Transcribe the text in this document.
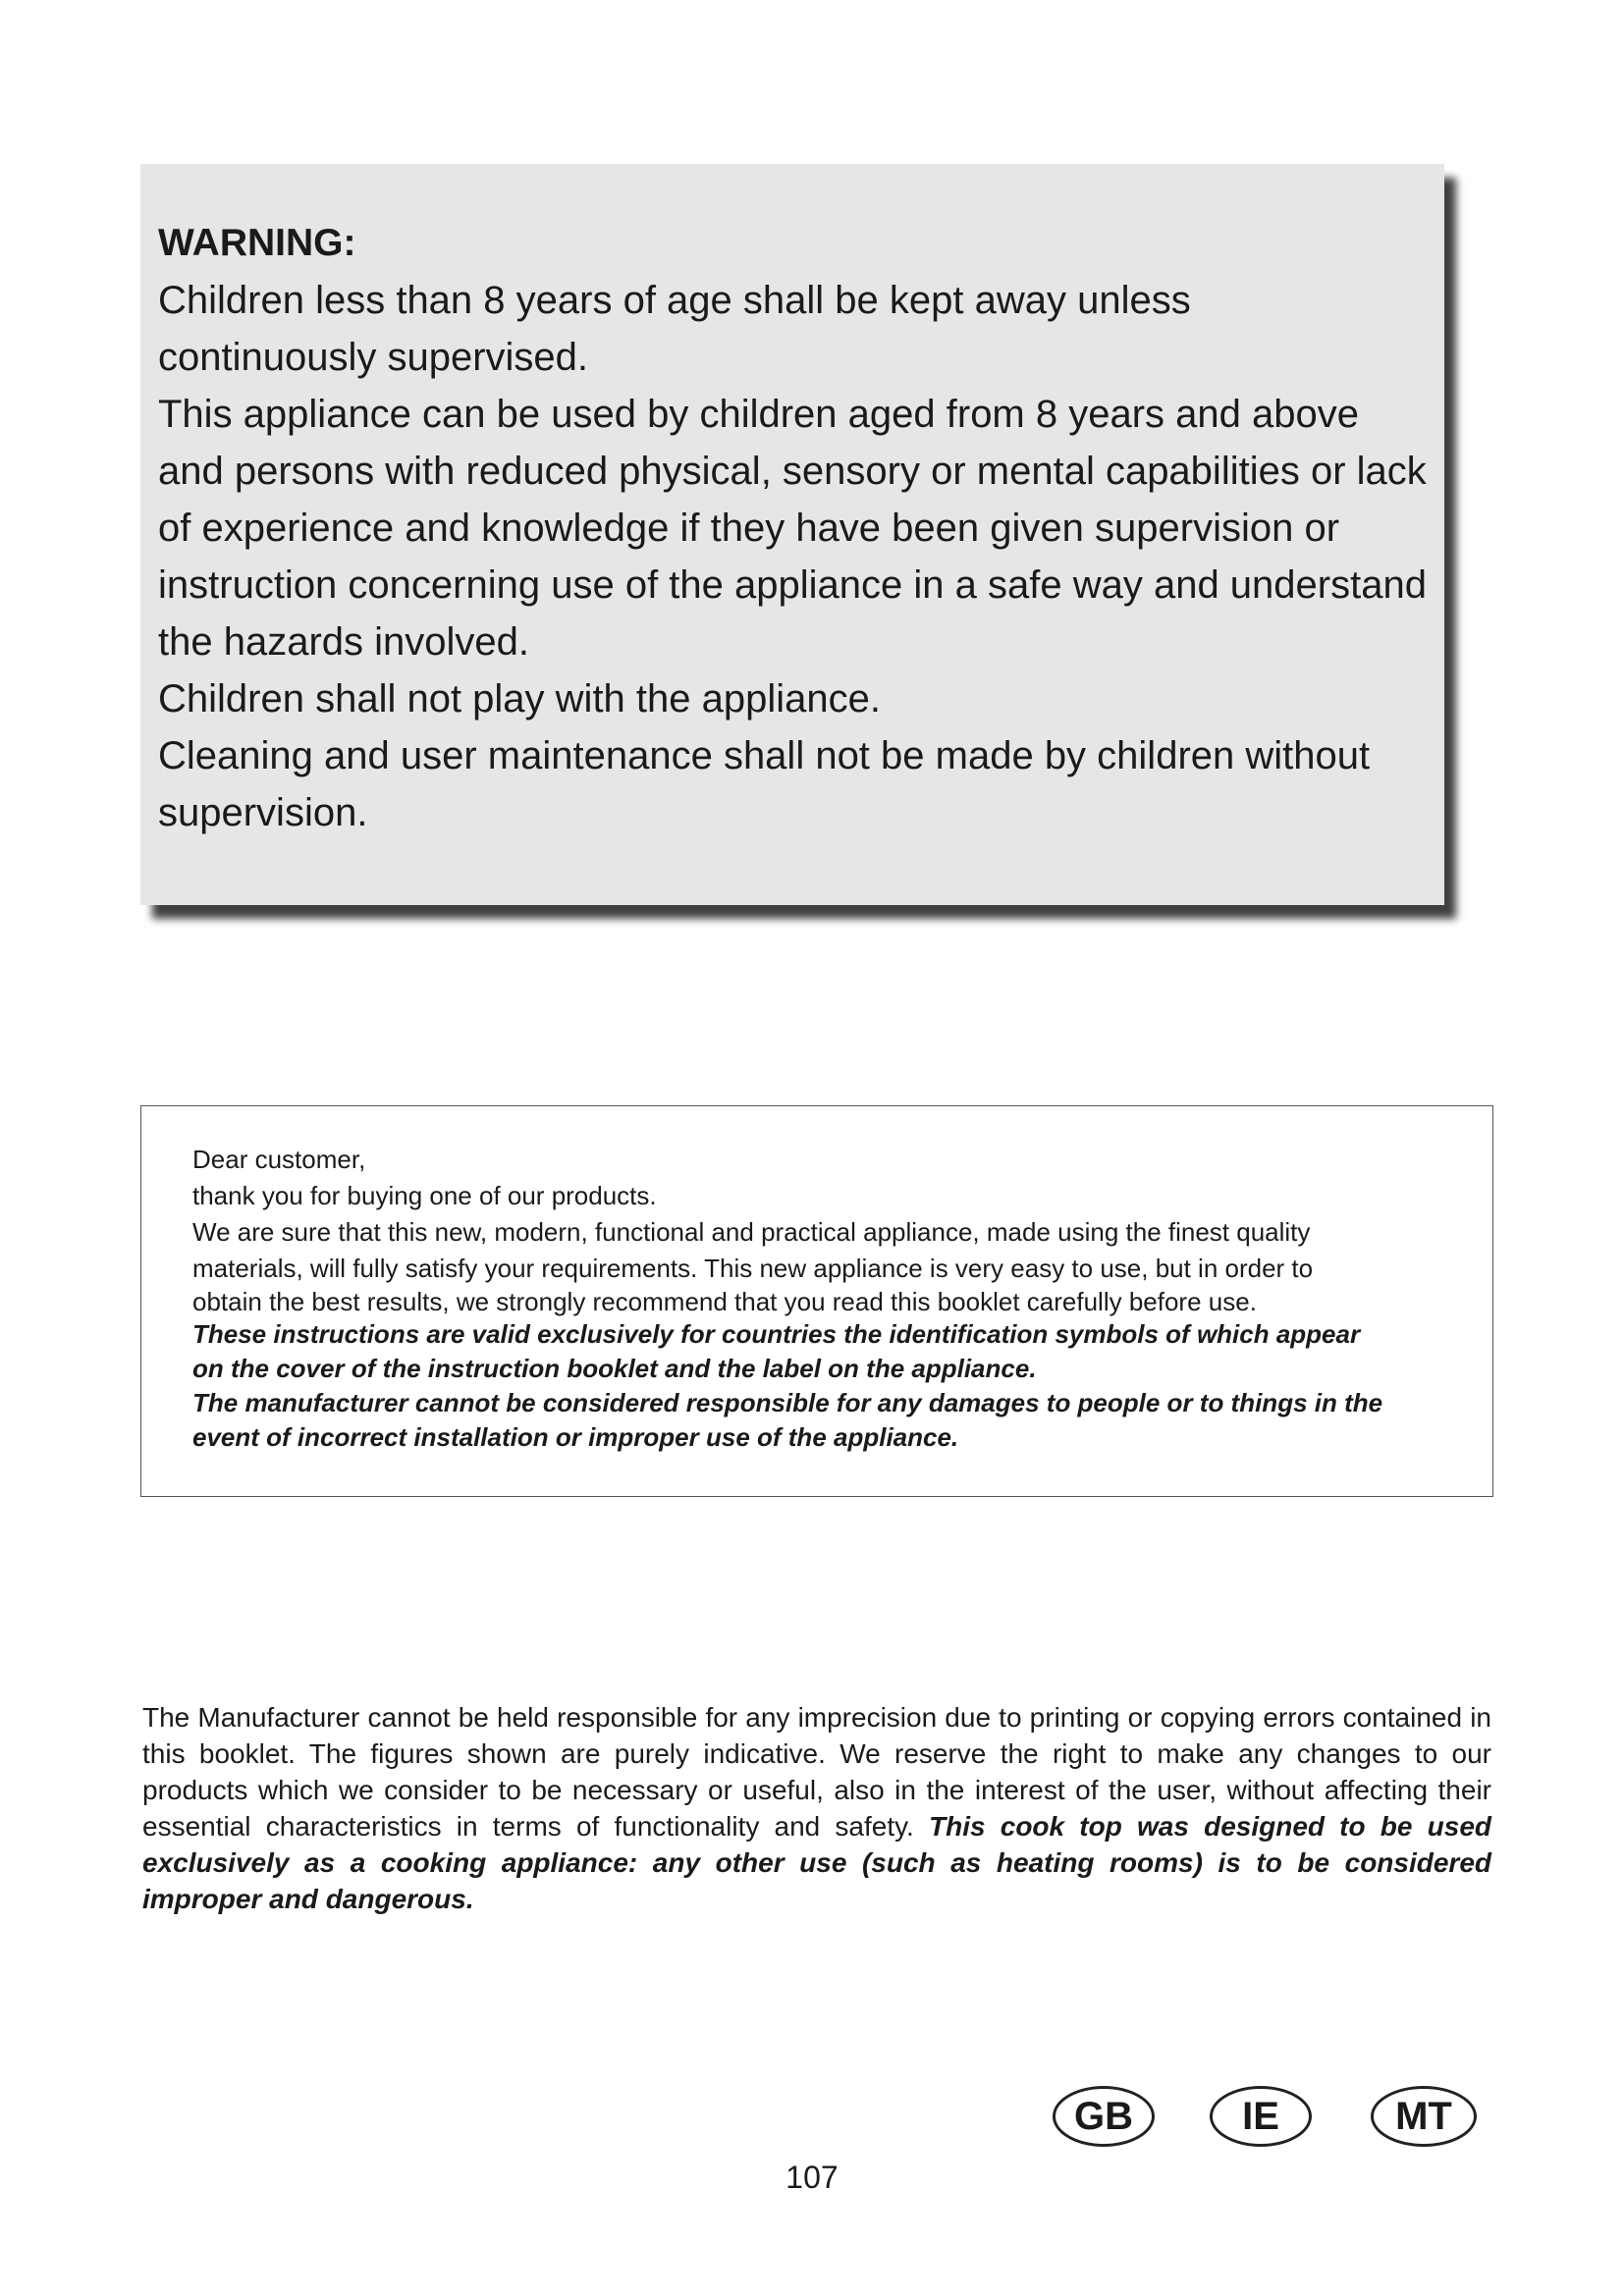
WARNING:

Children less than 8 years of age shall be kept away unless continuously supervised.

This appliance can be used by children aged from 8 years and above and persons with reduced physical, sensory or mental capabilities or lack of experience and knowledge if they have been given supervision or instruction concerning use of the appliance in a safe way and understand the hazards involved.

Children shall not play with the appliance.

Cleaning and user maintenance shall not be made by children without supervision.

Dear customer,

thank you for buying one of our products.

We are sure that this new, modern, functional and practical appliance, made using the finest quality

materials, will fully satisfy your requirements. This new appliance is very easy to use, but in order to

obtain the best results, we strongly recommend that you read this booklet carefully before use.

These instructions are valid exclusively for countries the identification symbols of which appear

on the cover of the instruction booklet and the label on the appliance.

The manufacturer cannot be considered responsible for any damages to people or to things in the

event of incorrect installation or improper use of the appliance.

The Manufacturer cannot be held responsible for any imprecision due to printing or copying errors contained in this booklet. The figures shown are purely indicative. We reserve the right to make any changes to our products which we consider to be necessary or useful, also in the interest of the user, without affecting their essential characteristics in terms of functionality and safety. This cook top was designed to be used exclusively as a cooking appliance: any other use (such as heating rooms) is to be considered improper and dangerous.

GB	IE	MT
107
